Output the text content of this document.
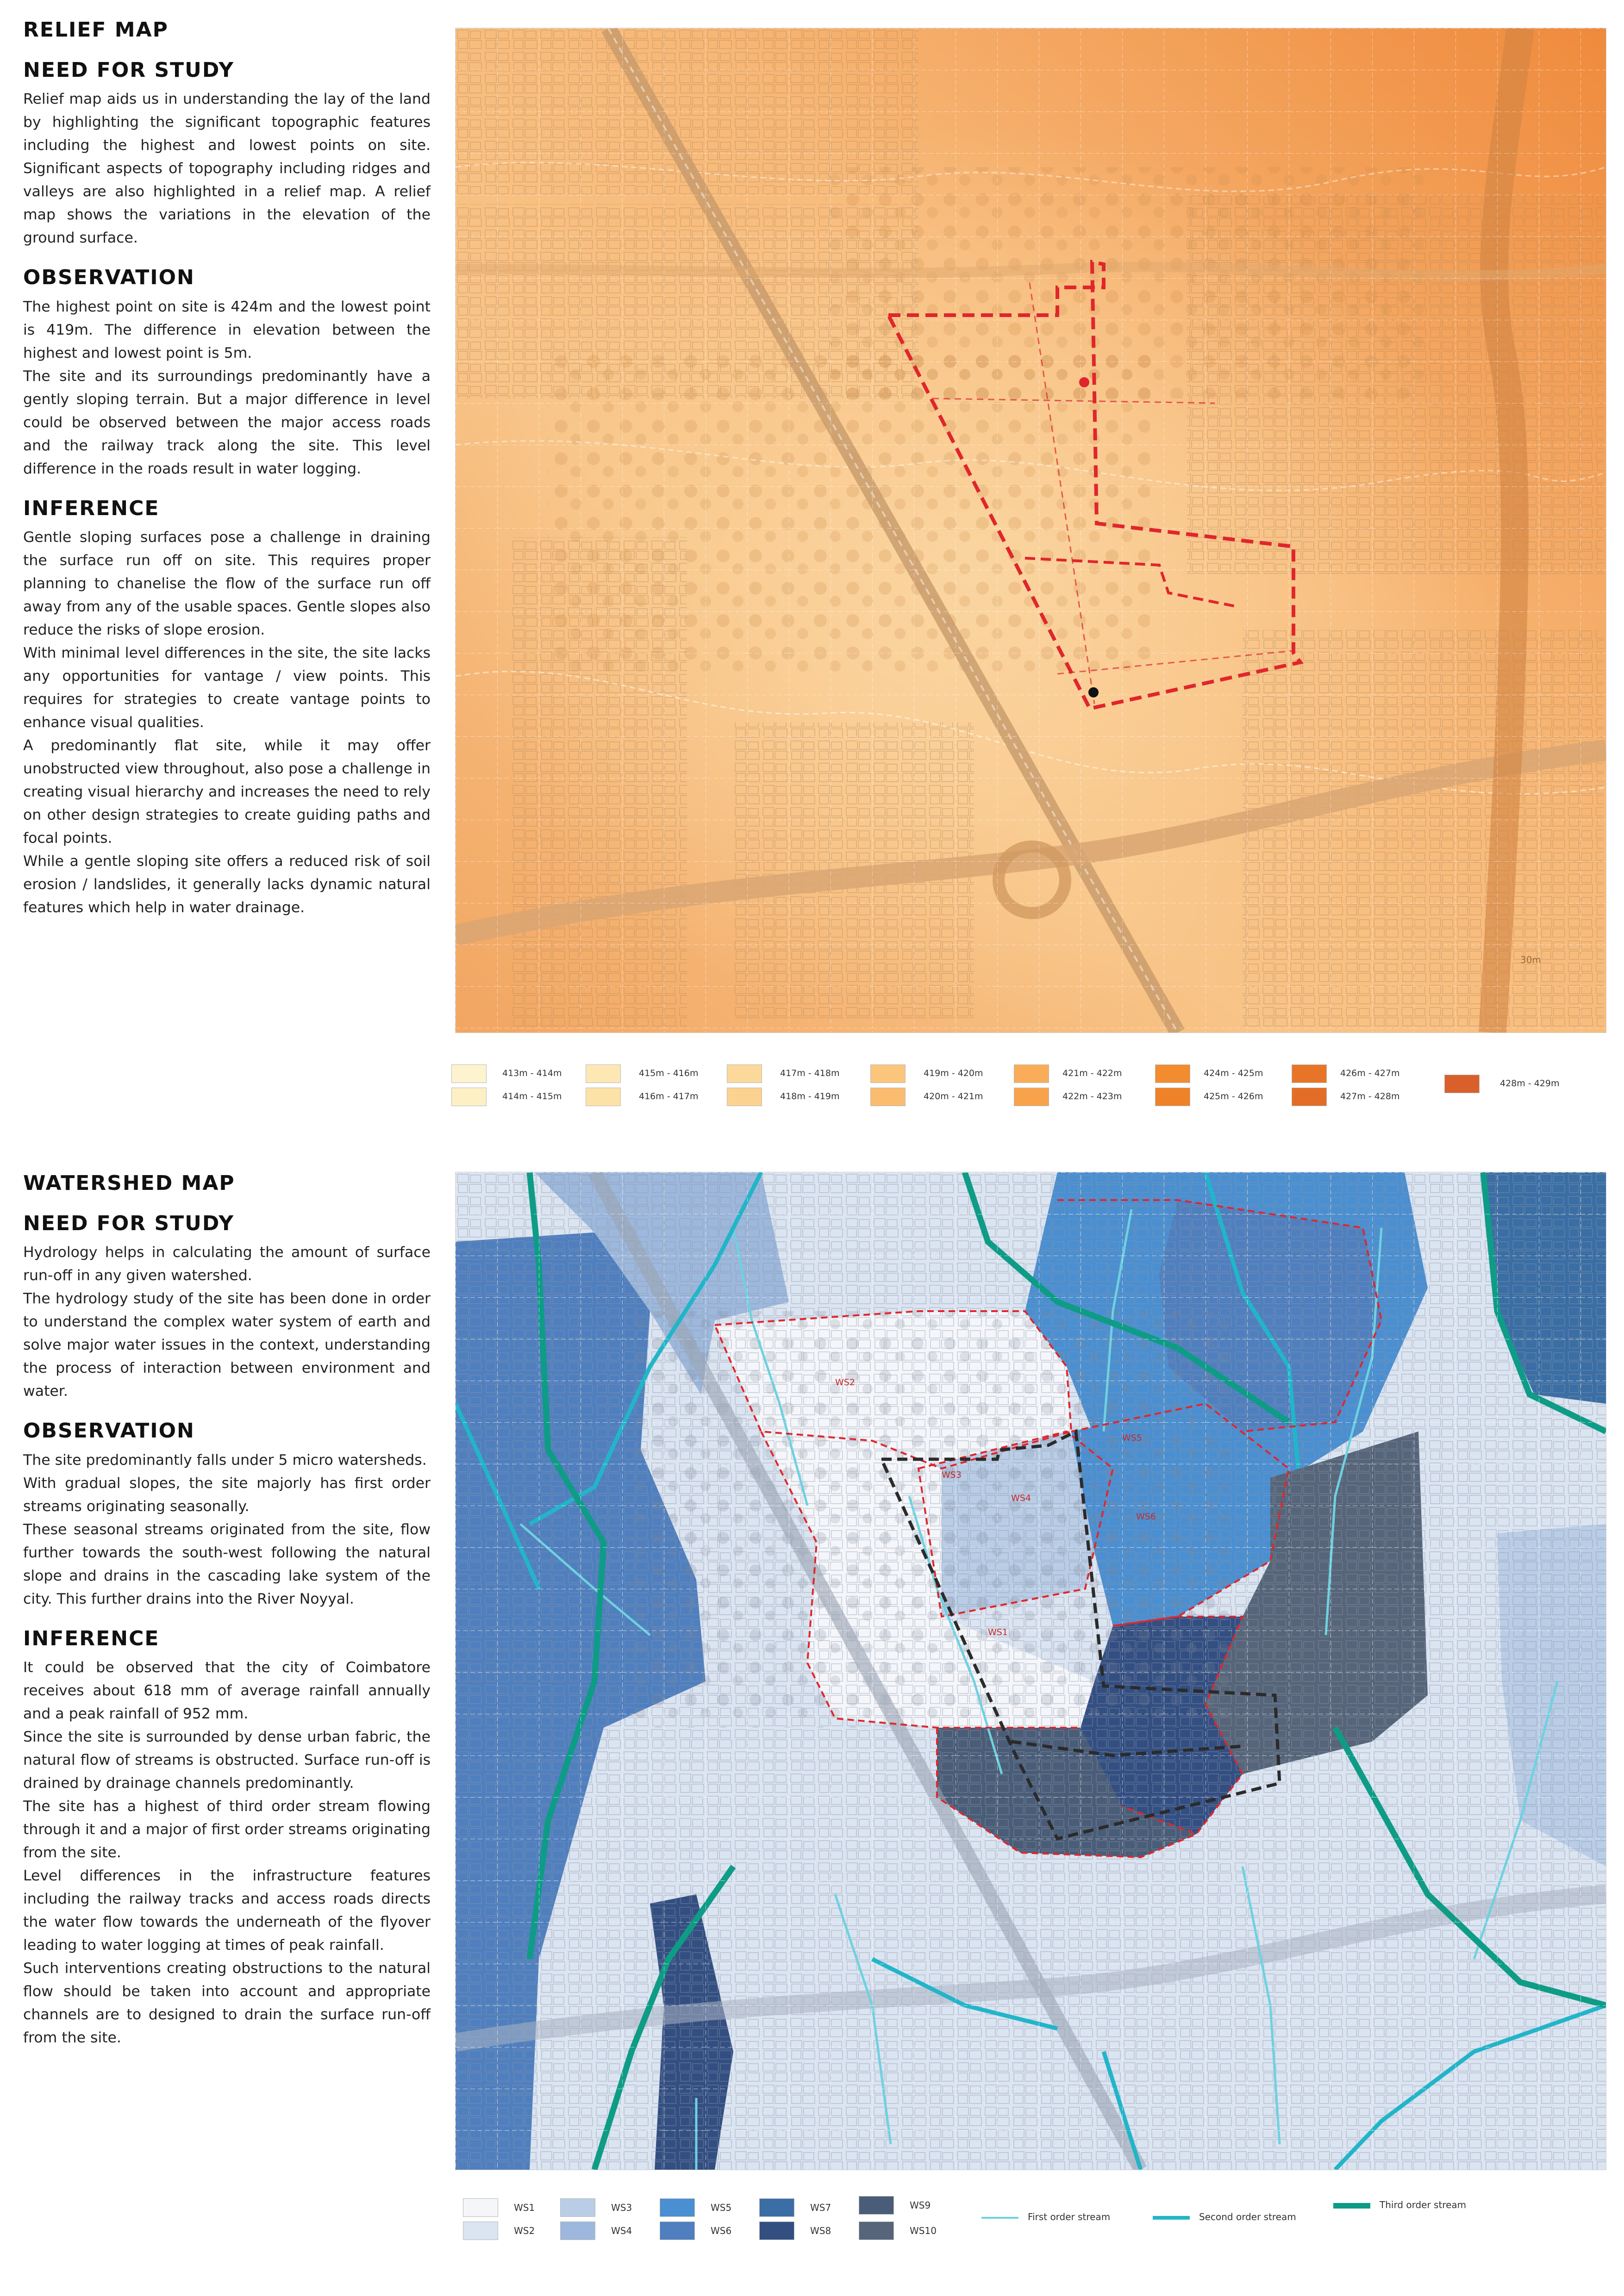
RELIEF MAP
NEED FOR STUDY

Relief map aids us in understanding the lay of the land by highlighting the significant topographic features including the highest and lowest points on site. Significant aspects of topography including ridges and valleys are also highlighted in a relief map. A relief map shows the variations in the elevation of the ground surface.

OBSERVATION

The highest point on site is 424m and the lowest point is 419m. The difference in elevation between the highest and lowest point is 5m.
The site and its surroundings predominantly have a gently sloping terrain. But a major difference in level could be observed between the major access roads and the railway track along the site. This level difference in the roads result in water logging.

INFERENCE

Gentle sloping surfaces pose a challenge in draining the surface run off on site. This requires proper planning to chanelise the flow of the surface run off away from any of the usable spaces. Gentle slopes also reduce the risks of slope erosion.
With minimal level differences in the site, the site lacks any opportunities for vantage / view points. This requires for strategies to create vantage points to enhance visual qualities.
A predominantly flat site, while it may offer unobstructed view throughout, also pose a challenge in creating visual hierarchy and increases the need to rely on other design strategies to create guiding paths and focal points.
While a gentle sloping site offers a reduced risk of soil erosion / landslides, it generally lacks dynamic natural features which help in water drainage.

30m
413m - 414m
414m - 415m
415m - 416m
416m - 417m
417m - 418m
418m - 419m
419m - 420m
420m - 421m
421m - 422m
422m - 423m
424m - 425m
425m - 426m
426m - 427m
427m - 428m
428m - 429m
WATERSHED MAP
NEED FOR STUDY

Hydrology helps in calculating the amount of surface run-off in any given watershed.
The hydrology study of the site has been done in order to understand the complex water system of earth and solve major water issues in the context, understanding the process of interaction between environment and water.

OBSERVATION

The site predominantly falls under 5 micro watersheds.
With gradual slopes, the site majorly has first order streams originating seasonally.
These seasonal streams originated from the site, flow further towards the south-west following the natural slope and drains in the cascading lake system of the city. This further drains into the River Noyyal.

INFERENCE

It could be observed that the city of Coimbatore receives about 618 mm of average rainfall annually and a peak rainfall of 952 mm.
Since the site is surrounded by dense urban fabric, the natural flow of streams is obstructed. Surface run-off is drained by drainage channels predominantly.
The site has a highest of third order stream flowing through it and a major of first order streams originating from the site.
Level differences in the infrastructure features including the railway tracks and access roads directs the water flow towards the underneath of the flyover leading to water logging at times of peak rainfall.
Such interventions creating obstructions to the natural flow should be taken into account and appropriate channels are to designed to drain the surface run-off from the site.

WS2
WS3
WS4
WS1
WS5
WS6
WS1
WS2
WS3
WS4
WS5
WS6
WS7
WS8
WS9
WS10
First order stream	Second order stream
Third order stream
